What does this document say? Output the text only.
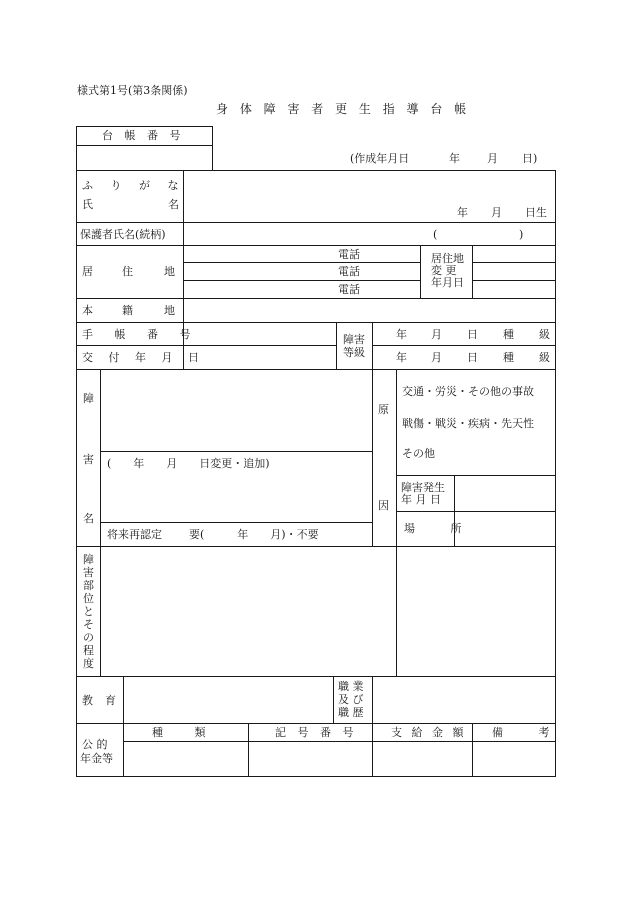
様式第1号(第3条関係)
身 体 障 害 者 更 生 指 導 台 帳
台 帳 番 号
(作成年月日	年 月 日)
ふ り が な
氏	名
年 月 日生
保護者氏名(続柄)	(	)
居	住	地
電話
電話
電話
居住地
変 更
年月日
本	籍	地
手 帳 番 号
交 付 年 月 日
障害
等級
年 月 日 種 級
年 月 日 種 級
障
害
名
(　　年　　月　　日変更・追加)
将来再認定 要(　　　年　　月)・不要
原
因
交通・労災・その他の事故
戦傷・戦災・疾病・先天性
その他
障害発生
年 月 日
場 所
障害部位とその程度
教 育
職 業
及 び
職 歴
公 的
年金等
種 類	記 号 番 号	支 給 金 額 備 考
